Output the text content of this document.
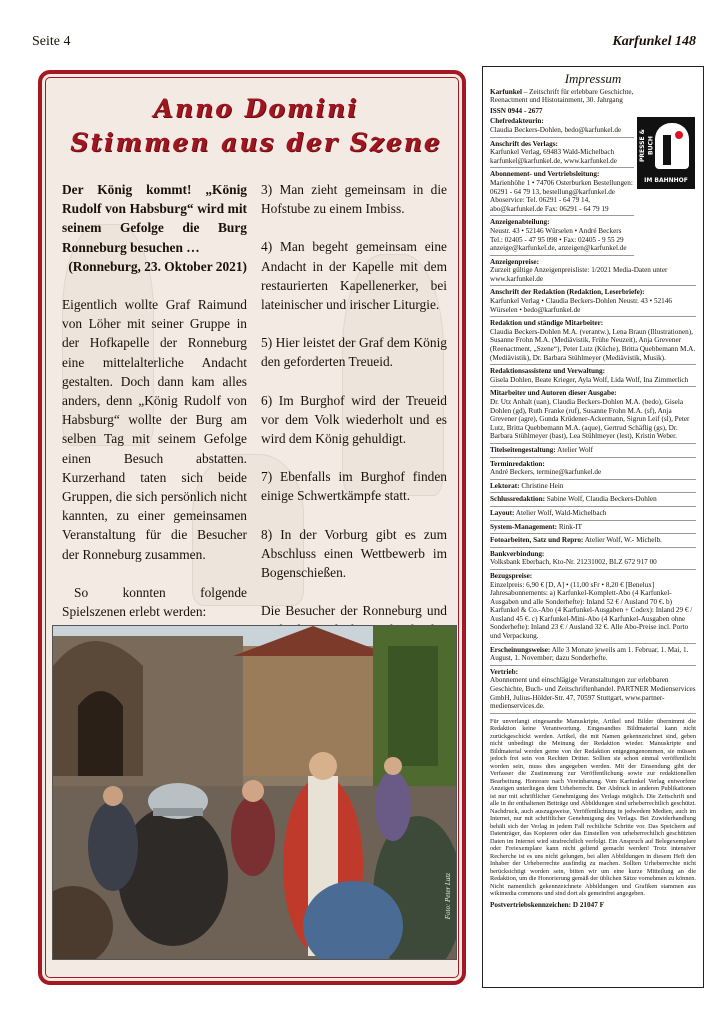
Seite 4	Karfunkel 148
Anno Domini
Stimmen aus der Szene

Der König kommt! „König Rudolf von Habsburg“ wird mit seinem Gefolge die Burg Ronneburg besuchen …
(Ronneburg, 23. Oktober 2021)

Eigentlich wollte Graf Raimund von Löher mit seiner Gruppe in der Hofkapelle der Ronneburg eine mittelalterliche Andacht gestalten. Doch dann kam alles anders, denn „König Rudolf von Habsburg“ wollte der Burg am selben Tag mit seinem Gefolge einen Besuch abstatten. Kurzerhand taten sich beide Gruppen, die sich persönlich nicht kannten, zu einer gemeinsamen Veranstaltung für die Besucher der Ronneburg zusammen.

So konnten folgende Spielszenen erlebt werden:

3) Man zieht gemeinsam in die Hofstube zu einem Imbiss.

4) Man begeht gemeinsam eine Andacht in der Kapelle mit dem restaurierten Kapellenerker, bei lateinischer und irischer Liturgie.

5) Hier leistet der Graf dem König den geforderten Treueid.

6) Im Burghof wird der Treueid vor dem Volk wiederholt und es wird dem König gehuldigt.

7) Ebenfalls im Burghof finden einige Schwertkämpfe statt.

8) In der Vorburg gibt es zum Abschluss einen Wettbewerb im Bogenschießen.

Die Besucher der Ronneburg und

Foto: Peter Lutz
Impressum
PRESSE & BUCH
IM BAHNHOF

Karfunkel – Zeitschrift für erlebbare Geschichte, Reenactment und Histotainment, 30. Jahrgang

ISSN 0944 - 2677

Chefredakteurin:
Claudia Beckers-Dohlen, bedo@karfunkel.de

Anschrift des Verlags:
Karfunkel Verlag, 69483 Wald-Michelbach karfunkel@karfunkel.de, www.karfunkel.de

Abonnement- und Vertriebsleitung:
Marienhöhe 1 • 74706 Osterburken Bestellungen: 06291 - 64 79 13, bestellung@karfunkel.de Aboservice: Tel. 06291 - 64 79 14, abo@karfunkel.de Fax: 06291 - 64 79 19

Anzeigenabteilung:
Neustr. 43 • 52146 Würselen • André Beckers Tel.: 02405 - 47 95 098 • Fax: 02405 - 9 55 29 anzeige@karfunkel.de, anzeigen@karfunkel.de

Anzeigenpreise:
Zurzeit gültige Anzeigenpreisliste: 1/2021 Media-Daten unter www.karfunkel.de

Anschrift der Redaktion (Redaktion, Leserbriefe):
Karfunkel Verlag • Claudia Beckers-Dohlen Neustr. 43 • 52146 Würselen • bedo@karfunkel.de

Redaktion und ständige Mitarbeiter:
Claudia Beckers-Dohlen M.A. (verantw.), Lena Braun (Illustrationen), Susanne Frohn M.A. (Mediävistik, Frühe Neuzeit), Anja Grevener (Reenactment, „Szene“), Peter Lutz (Küche), Britta Quebbemann M.A. (Mediävistik), Dr. Barbara Stühlmeyer (Mediävistik, Musik).

Redaktionsassistenz und Verwaltung:
Gisela Dohlen, Beate Krieger, Ayla Wolf, Lida Wolf, Ina Zimmerlich

Mitarbeiter und Autoren dieser Ausgabe:
Dr. Utz Anhalt (uan), Claudia Beckers-Dohlen M.A. (bedo), Gisela Dohlen (gd), Ruth Franke (ruf), Susanne Frohn M.A. (sf), Anja Grevener (agre), Gunda Krüdener-Ackermann, Sigrun Leif (sl), Peter Lutz, Britta Quebbemann M.A. (aque), Gertrud Schäflig (gs), Dr. Barbara Stühlmeyer (bast), Lea Stühlmeyer (lest), Kristin Weber.

Titelseitengestaltung: Atelier Wolf

Terminredaktion:
André Beckers, termine@karfunkel.de

Lektorat: Christine Hein

Schlussredaktion: Sabine Wolf, Claudia Beckers-Dohlen

Layout: Atelier Wolf, Wald-Michelbach

System-Management: Rink-IT

Fotoarbeiten, Satz und Repro: Atelier Wolf, W.- Michelb.

Bankverbindung:
Volksbank Eberbach, Kto-Nr. 21231002, BLZ 672 917 00

Bezugspreise:
Einzelpreis: 6,90 € [D, A] • (11,00 sFr • 8,20 € [Benelux] Jahresabonnements: a) Karfunkel-Komplett-Abo (4 Karfunkel-Ausgaben und alle Sonderhefte): Inland 52 € / Ausland 70 €. b) Karfunkel & Co.-Abo (4 Karfunkel-Ausgaben + Codex): Inland 29 € / Ausland 45 €. c) Karfunkel-Mini-Abo (4 Karfunkel-Ausgaben ohne Sonderhefte): Inland 23 € / Ausland 32 €. Alle Abo-Preise incl. Porto und Verpackung.

Erscheinungsweise: Alle 3 Monate jeweils am 1. Februar, 1. Mai, 1. August, 1. November; dazu Sonderhefte.

Vertrieb:
Abonnement und einschlägige Veranstaltungen zur erlebbaren Geschichte, Buch- und Zeitschriftenhandel. PARTNER Medienservices GmbH, Julius-Hölder-Str. 47, 70597 Stuttgart, www.partner-medienservices.de.

Für unverlangt eingesandte Manuskripte, Artikel und Bilder übernimmt die Redaktion keine Verantwortung. Eingesandtes Bildmaterial kann nicht zurückgeschickt werden. Artikel, die mit Namen gekennzeichnet sind, geben nicht unbedingt die Meinung der Redaktion wieder. Manuskripte und Bildmaterial werden gerne von der Redaktion entgegengenommen, sie müssen jedoch frei sein von Rechten Dritter. Sollten sie schon einmal veröffentlicht worden sein, muss dies angegeben werden. Mit der Einsendung gibt der Verfasser die Zustimmung zur Veröffentlichung sowie zur redaktionellen Bearbeitung. Honorare nach Vereinbarung. Vom Karfunkel Verlag entworfene Anzeigen unterliegen dem Urheberrecht. Der Abdruck in anderen Publikationen ist nur mit schriftlicher Genehmigung des Verlags möglich. Die Zeitschrift und alle in ihr enthaltenen Beiträge und Abbildungen sind urheberrechtlich geschützt. Nachdruck, auch auszugsweise, Veröffentlichung in jedwedem Medien, auch im Internet, nur mit schriftlicher Genehmigung des Verlags. Bei Zuwiderhandlung behält sich der Verlag in jedem Fall rechtliche Schritte vor. Das Speichern auf Datenträger, das Kopieren oder das Einstellen von urheberrechtlich geschützten Daten im Internet wird strafrechtlich verfolgt. Ein Anspruch auf Belegexemplare oder Freiexemplare kann nicht geltend gemacht werden! Trotz intensiver Recherche ist es uns nicht gelungen, bei allen Abbildungen in diesem Heft den Inhaber der Urheberrechte ausfindig zu machen. Sollten Urheberrechte nicht berücksichtigt worden sein, bitten wir um eine kurze Mitteilung an die Redaktion, um die Honorierung gemäß der üblichen Sätze vornehmen zu können. Nicht namentlich gekennzeichnete Abbildungen und Grafiken stammen aus wikimedia commons und sind dort als gemeinfrei angegeben.

Postvertriebskennzeichen: D 21047 F
